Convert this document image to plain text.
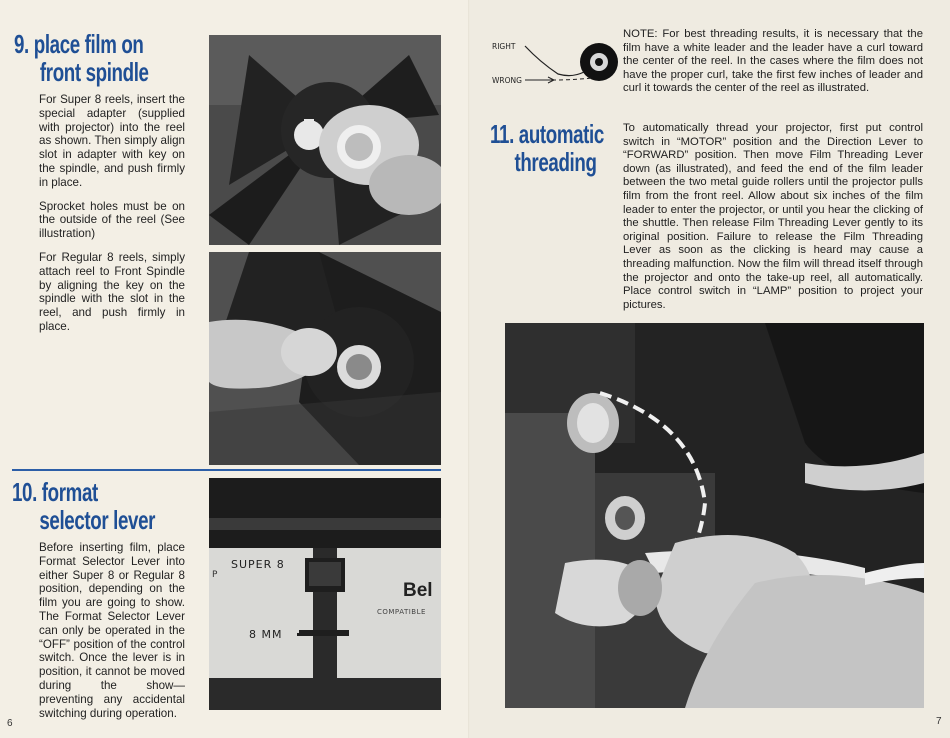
9. place film on
front spindle

For Super 8 reels, insert the special adapter (supplied with projector) into the reel as shown. Then simply align slot in adapter with key on the spindle, and push firmly in place.

Sprocket holes must be on the outside of the reel (See illustration)

For Regular 8 reels, simply attach reel to Front Spindle by aligning the key on the spindle with the slot in the reel, and push firmly in place.

10. format
selector lever

Before inserting film, place Format Selector Lever into either Super 8 or Regular 8 position, depending on the film you are going to show. The Format Selector Lever can only be operated in the “OFF” position of the control switch. Once the lever is in position, it cannot be moved during the show—preventing any accidental switching during operation.

SUPER 8
8 MM
Bel
COMPATIBLE
P
6
RIGHT
WRONG

NOTE: For best threading results, it is necessary that the film have a white leader and the leader have a curl toward the center of the reel. In the cases where the film does not have the proper curl, take the first few inches of leader and curl it towards the center of the reel as illustrated.

11. automatic
threading

To automatically thread your projector, first put control switch in “MOTOR” position and the Direction Lever to “FORWARD” position. Then move Film Threading Lever down (as illustrated), and feed the end of the film leader between the two metal guide rollers until the projector pulls film from the front reel. Allow about six inches of the film leader to enter the projector, or until you hear the clicking of the shuttle. Then release Film Threading Lever gently to its original position. Failure to release the Film Threading Lever as soon as the clicking is heard may cause a threading malfunction. Now the film will thread itself through the projector and onto the take-up reel, all automatically. Place control switch in “LAMP” position to project your pictures.

7
